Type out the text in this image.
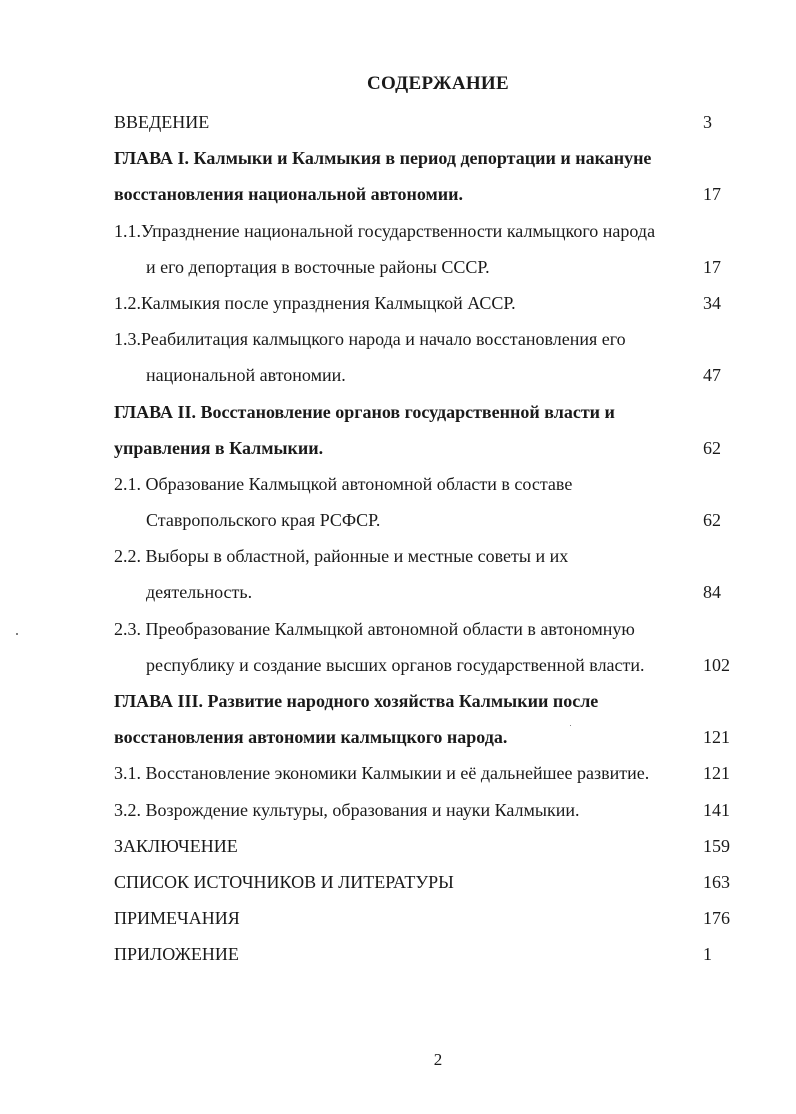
СОДЕРЖАНИЕ
ВВЕДЕНИЕ	3
ГЛАВА I. Калмыки и Калмыкия в период депортации и накануне
восстановления национальной автономии.	17
1.1.Упразднение национальной государственности калмыцкого народа
и его депортация в восточные районы СССР.	17
1.2.Калмыкия после упразднения Калмыцкой АССР.	34
1.3.Реабилитация калмыцкого народа и начало восстановления его
национальной автономии.	47
ГЛАВА II. Восстановление органов государственной власти и
управления в Калмыкии.	62
2.1. Образование Калмыцкой автономной области в составе
Ставропольского края РСФСР.	62
2.2. Выборы в областной, районные и местные советы и их
деятельность.	84
2.3. Преобразование Калмыцкой автономной области в автономную
республику и создание высших органов государственной власти.	102
ГЛАВА III. Развитие народного хозяйства Калмыкии после
восстановления автономии калмыцкого народа.	121
3.1. Восстановление экономики Калмыкии и её дальнейшее развитие.	121
3.2. Возрождение культуры, образования и науки Калмыкии.	141
ЗАКЛЮЧЕНИЕ	159
СПИСОК ИСТОЧНИКОВ И ЛИТЕРАТУРЫ	163
ПРИМЕЧАНИЯ	176
ПРИЛОЖЕНИЕ	1
2
